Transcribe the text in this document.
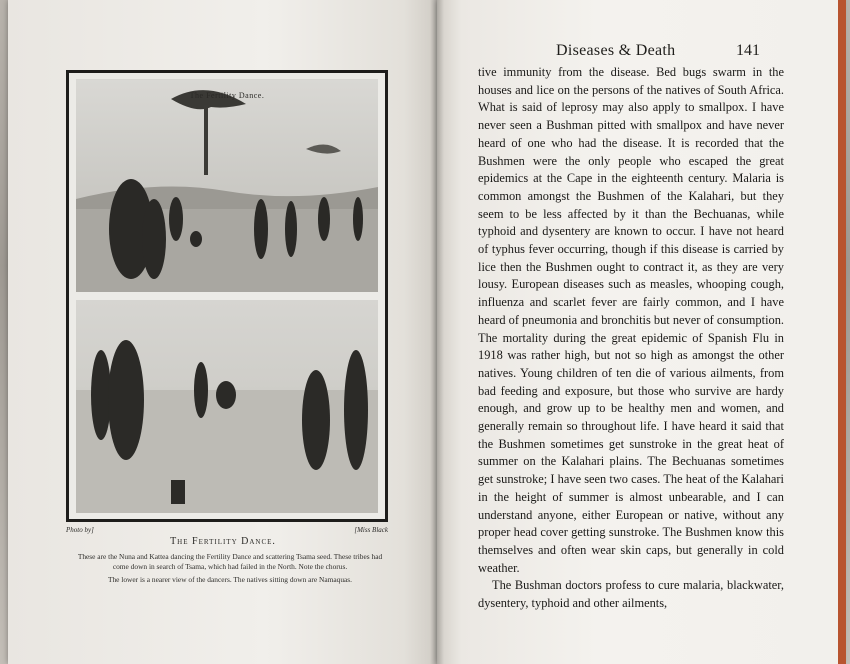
The Fertility Dance.
Photo by]	[Miss Black
The Fertility Dance.

These are the Nuna and Kattea dancing the Fertility Dance and scattering Tsama seed. These tribes had come down in search of Tsama, which had failed in the North. Note the chorus.

The lower is a nearer view of the dancers. The natives sitting down are Namaquas.

Diseases & Death	141

tive immunity from the disease. Bed bugs swarm in the houses and lice on the persons of the natives of South Africa. What is said of leprosy may also apply to smallpox. I have never seen a Bushman pitted with smallpox and have never heard of one who had the disease. It is recorded that the Bushmen were the only people who escaped the great epidemics at the Cape in the eighteenth century. Malaria is common amongst the Bushmen of the Kalahari, but they seem to be less affected by it than the Bechuanas, while typhoid and dysentery are known to occur. I have not heard of typhus fever occurring, though if this disease is carried by lice then the Bushmen ought to contract it, as they are very lousy. European diseases such as measles, whooping cough, influenza and scarlet fever are fairly common, and I have heard of pneumonia and bronchitis but never of consumption. The mortality during the great epidemic of Spanish Flu in 1918 was rather high, but not so high as amongst the other natives. Young children of ten die of various ailments, from bad feeding and exposure, but those who survive are hardy enough, and grow up to be healthy men and women, and generally remain so throughout life. I have heard it said that the Bushmen sometimes get sunstroke in the great heat of summer on the Kalahari plains. The Bechuanas sometimes get sunstroke; I have seen two cases. The heat of the Kalahari in the height of summer is almost unbearable, and I can understand anyone, either European or native, without any proper head cover getting sunstroke. The Bushmen know this themselves and often wear skin caps, but generally in cold weather.

The Bushman doctors profess to cure malaria, blackwater, dysentery, typhoid and other ailments,
